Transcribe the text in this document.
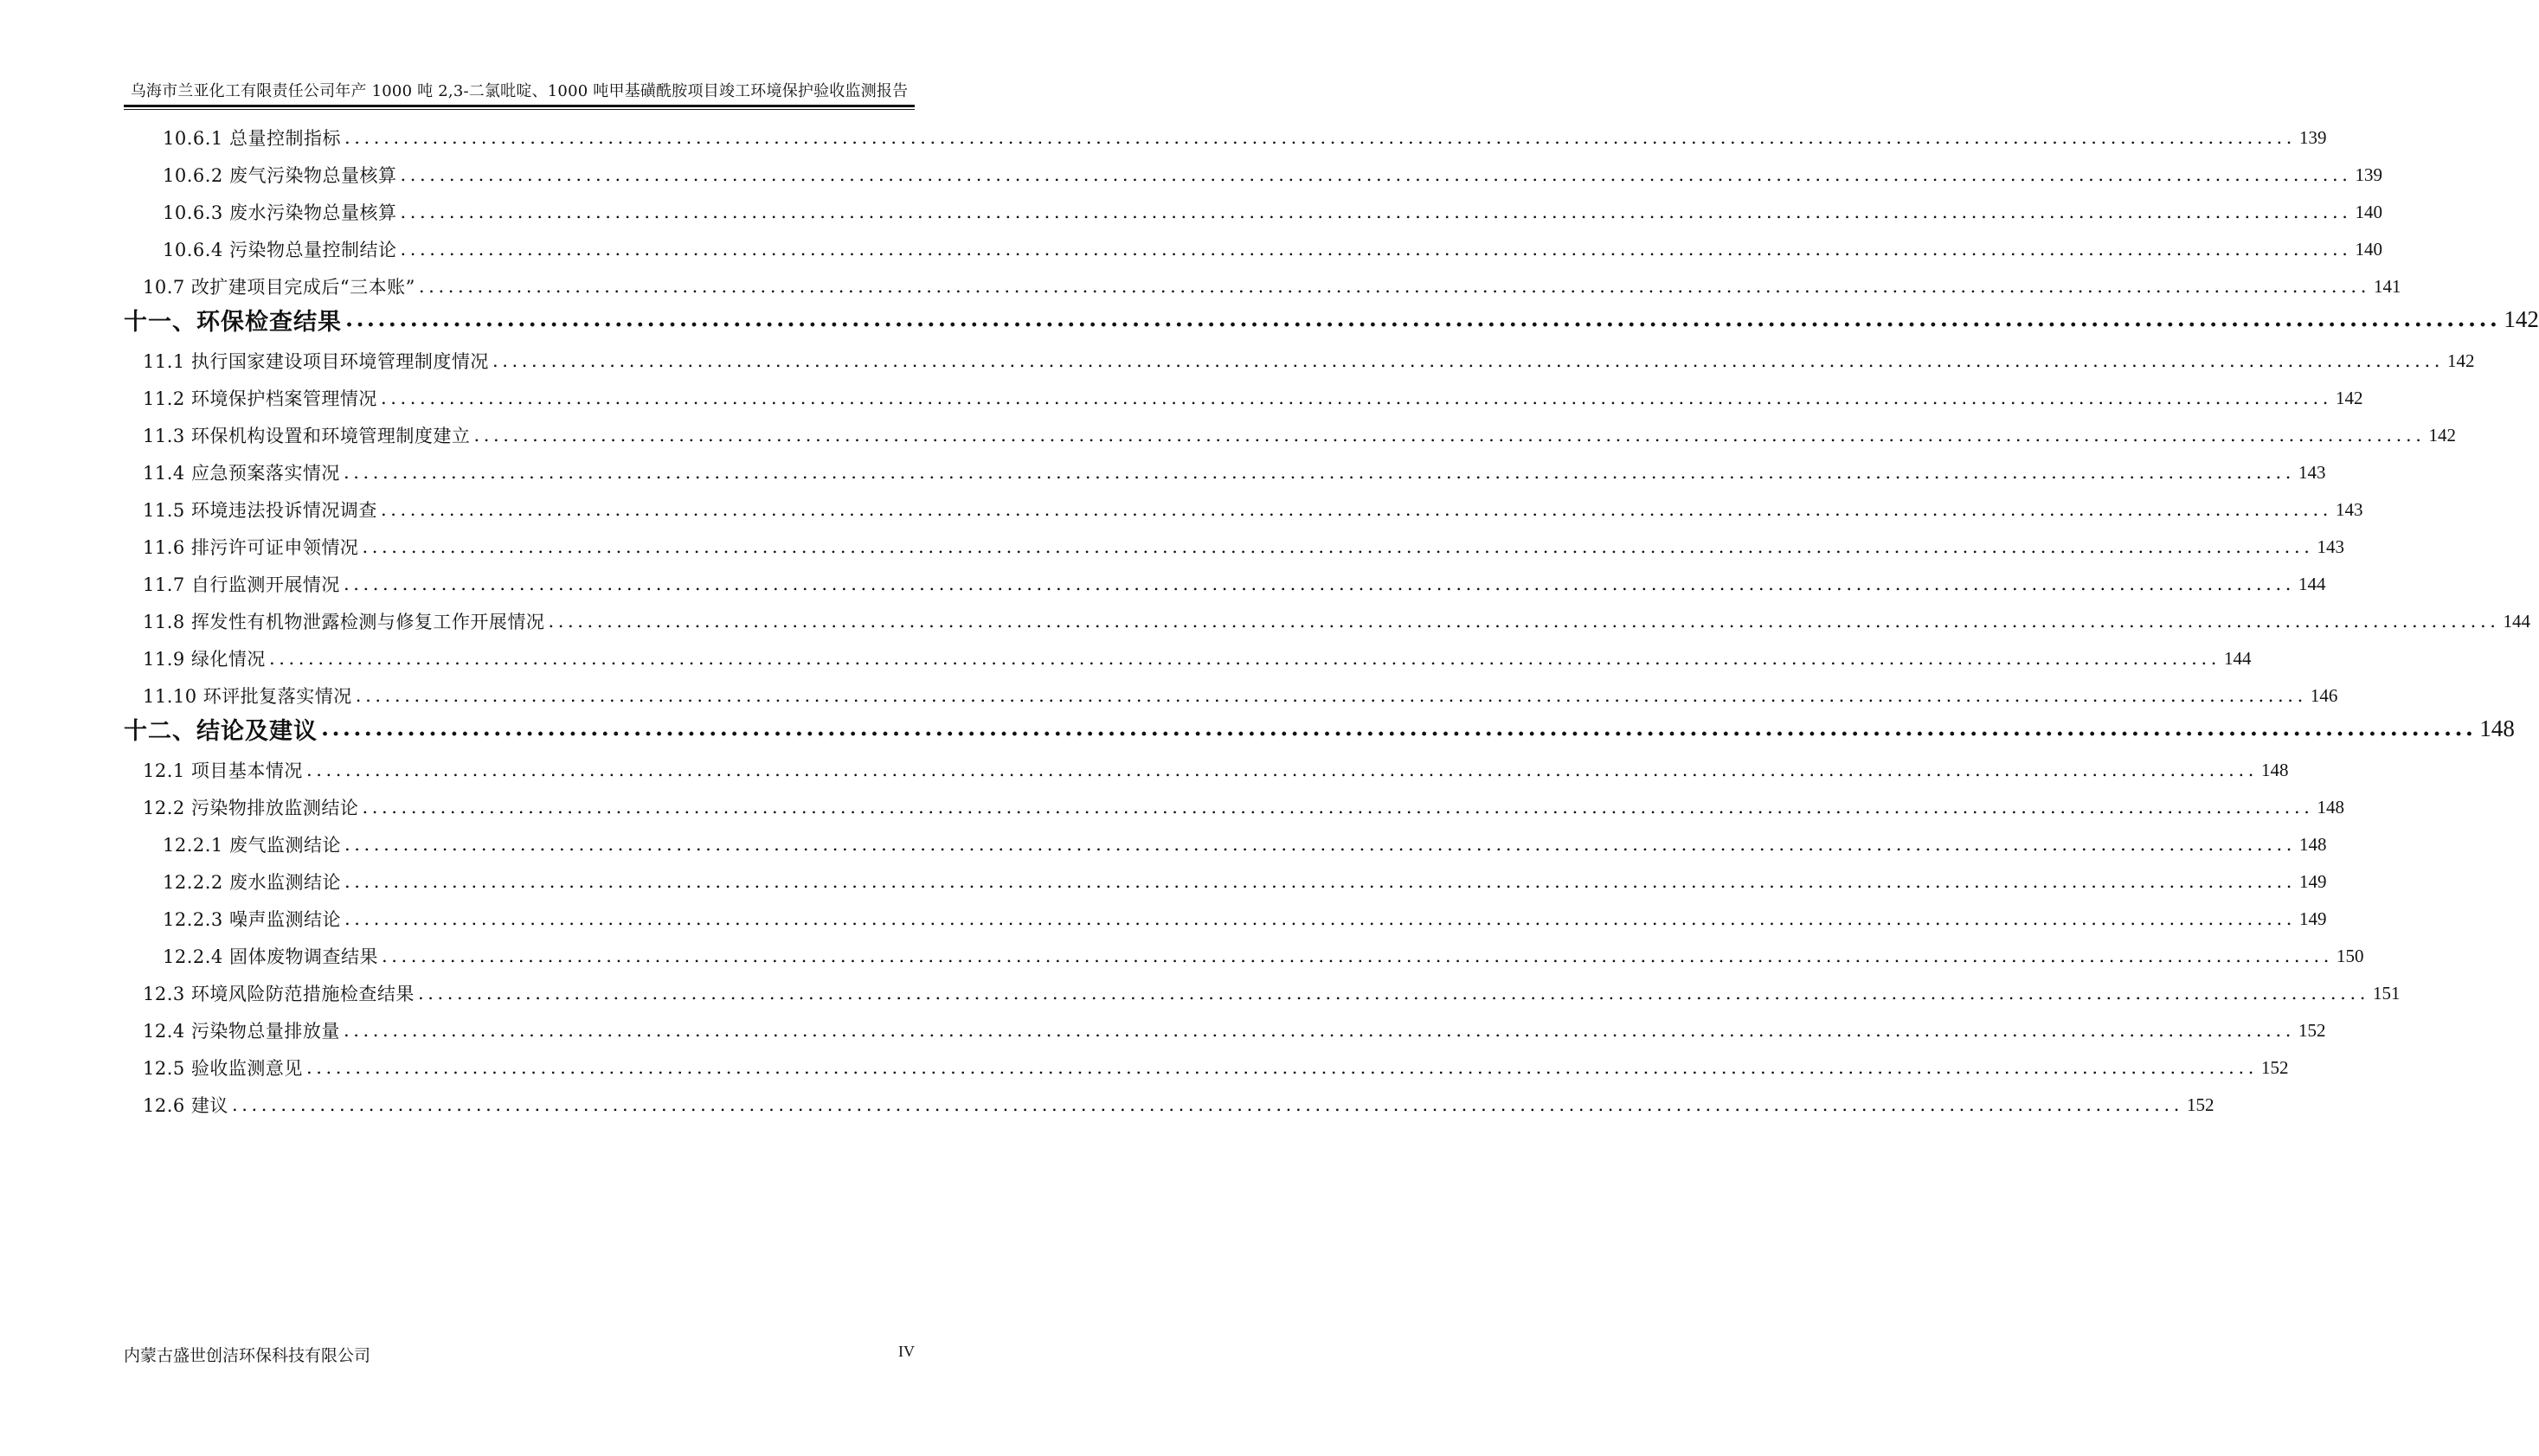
乌海市兰亚化工有限责任公司年产 1000 吨 2,3-二氯吡啶、1000 吨甲基磺酰胺项目竣工环境保护验收监测报告
10.6.1 总量控制指标 ........................................................................................................................................................................................................ 139
10.6.2 废气污染物总量核算 ........................................................................................................................................................................................................ 139
10.6.3 废水污染物总量核算 ........................................................................................................................................................................................................ 140
10.6.4 污染物总量控制结论 ........................................................................................................................................................................................................ 140
10.7 改扩建项目完成后“三本账” ........................................................................................................................................................................................................ 141
十一、环保检查结果 ........................................................................................................................................................................................................ 142
11.1 执行国家建设项目环境管理制度情况 ........................................................................................................................................................................................................ 142
11.2 环境保护档案管理情况 ........................................................................................................................................................................................................ 142
11.3 环保机构设置和环境管理制度建立 ........................................................................................................................................................................................................ 142
11.4 应急预案落实情况 ........................................................................................................................................................................................................ 143
11.5 环境违法投诉情况调查 ........................................................................................................................................................................................................ 143
11.6 排污许可证申领情况 ........................................................................................................................................................................................................ 143
11.7 自行监测开展情况 ........................................................................................................................................................................................................ 144
11.8 挥发性有机物泄露检测与修复工作开展情况 ........................................................................................................................................................................................................ 144
11.9 绿化情况 ........................................................................................................................................................................................................ 144
11.10 环评批复落实情况 ........................................................................................................................................................................................................ 146
十二、结论及建议 ........................................................................................................................................................................................................ 148
12.1 项目基本情况 ........................................................................................................................................................................................................ 148
12.2 污染物排放监测结论 ........................................................................................................................................................................................................ 148
12.2.1 废气监测结论 ........................................................................................................................................................................................................ 148
12.2.2 废水监测结论 ........................................................................................................................................................................................................ 149
12.2.3 噪声监测结论 ........................................................................................................................................................................................................ 149
12.2.4 固体废物调查结果 ........................................................................................................................................................................................................ 150
12.3 环境风险防范措施检查结果 ........................................................................................................................................................................................................ 151
12.4 污染物总量排放量 ........................................................................................................................................................................................................ 152
12.5 验收监测意见 ........................................................................................................................................................................................................ 152
12.6 建议 ........................................................................................................................................................................................................ 152
内蒙古盛世创洁环保科技有限公司	IV
